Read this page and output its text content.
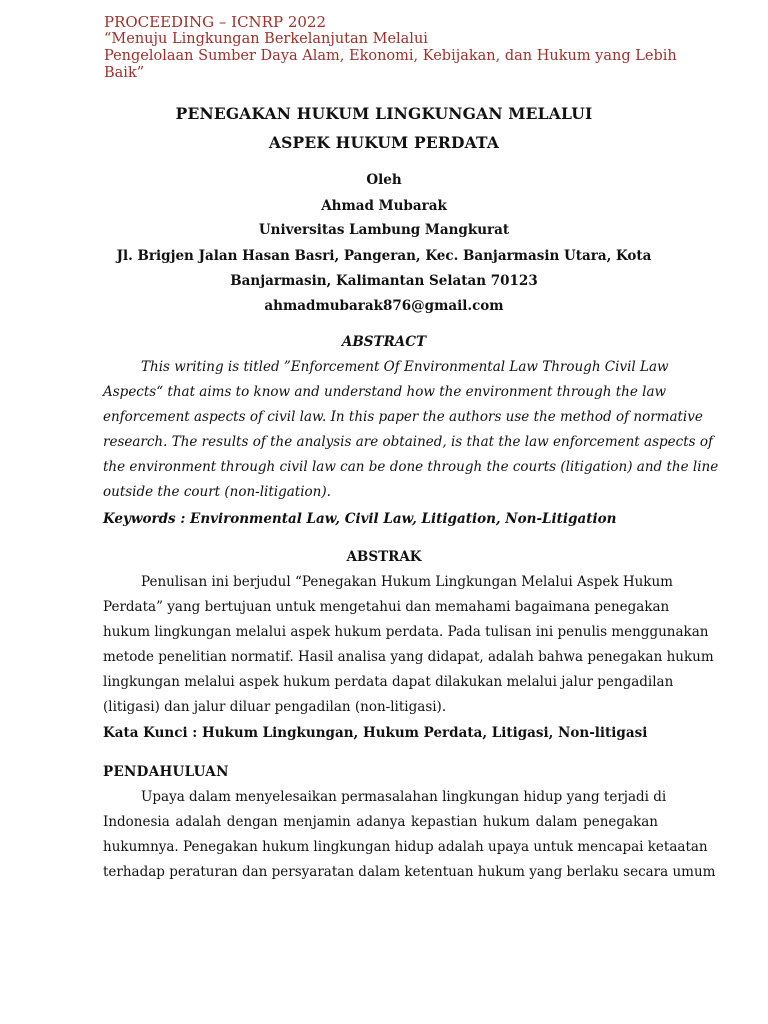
PROCEEDING – ICNRP 2022
“Menuju Lingkungan Berkelanjutan Melalui
Pengelolaan Sumber Daya Alam, Ekonomi, Kebijakan, dan Hukum yang Lebih
Baik”
PENEGAKAN HUKUM LINGKUNGAN MELALUI
ASPEK HUKUM PERDATA
Oleh
Ahmad Mubarak
Universitas Lambung Mangkurat
Jl. Brigjen Jalan Hasan Basri, Pangeran, Kec. Banjarmasin Utara, Kota
Banjarmasin, Kalimantan Selatan 70123
ahmadmubarak876@gmail.com
ABSTRACT
This writing is titled ”Enforcement Of Environmental Law Through Civil Law
Aspects“ that aims to know and understand how the environment through the law
enforcement aspects of civil law. In this paper the authors use the method of normative
research. The results of the analysis are obtained, is that the law enforcement aspects of
the environment through civil law can be done through the courts (litigation) and the line
outside the court (non-litigation).
Keywords : Environmental Law, Civil Law, Litigation, Non-Litigation
ABSTRAK
Penulisan ini berjudul “Penegakan Hukum Lingkungan Melalui Aspek Hukum
Perdata” yang bertujuan untuk mengetahui dan memahami bagaimana penegakan
hukum lingkungan melalui aspek hukum perdata. Pada tulisan ini penulis menggunakan
metode penelitian normatif. Hasil analisa yang didapat, adalah bahwa penegakan hukum
lingkungan melalui aspek hukum perdata dapat dilakukan melalui jalur pengadilan
(litigasi) dan jalur diluar pengadilan (non-litigasi).
Kata Kunci : Hukum Lingkungan, Hukum Perdata, Litigasi, Non-litigasi
PENDAHULUAN
Upaya dalam menyelesaikan permasalahan lingkungan hidup yang terjadi di
Indonesia adalah dengan menjamin adanya kepastian hukum dalam penegakan
hukumnya. Penegakan hukum lingkungan hidup adalah upaya untuk mencapai ketaatan
terhadap peraturan dan persyaratan dalam ketentuan hukum yang berlaku secara umum
